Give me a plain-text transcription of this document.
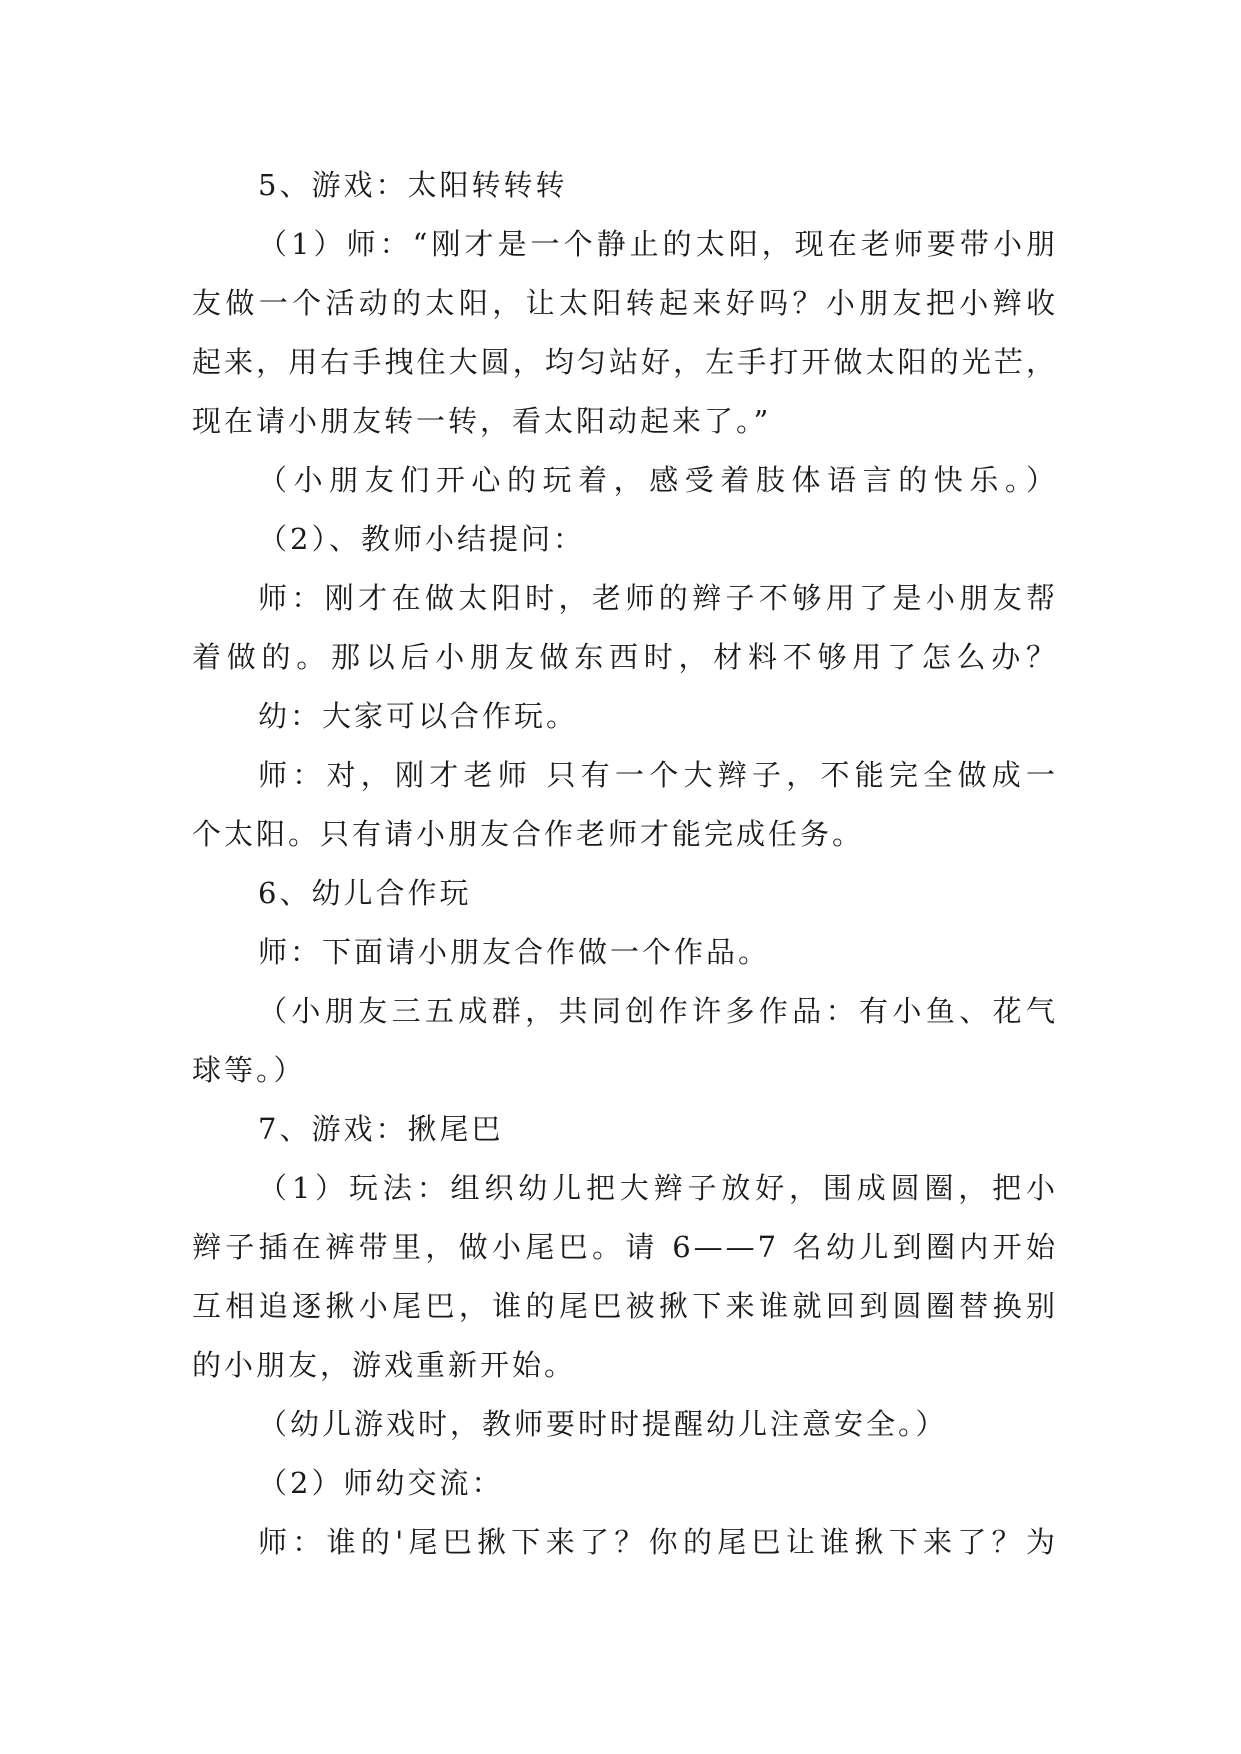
5、游戏：太阳转转转
（1）师：“刚才是一个静止的太阳，现在老师要带小朋
友做一个活动的太阳，让太阳转起来好吗？小朋友把小辫收
起来，用右手拽住大圆，均匀站好，左手打开做太阳的光芒，
现在请小朋友转一转，看太阳动起来了。”
（小朋友们开心的玩着，感受着肢体语言的快乐。）
（2）、教师小结提问：
师：刚才在做太阳时，老师的辫子不够用了是小朋友帮
着做的。那以后小朋友做东西时，材料不够用了怎么办？
幼：大家可以合作玩。
师：对，刚才老师 只有一个大辫子，不能完全做成一
个太阳。只有请小朋友合作老师才能完成任务。
6、幼儿合作玩
师：下面请小朋友合作做一个作品。
（小朋友三五成群，共同创作许多作品：有小鱼、花气
球等。）
7、游戏：揪尾巴
（1）玩法：组织幼儿把大辫子放好，围成圆圈，把小
辫子插在裤带里，做小尾巴。请 6——7 名幼儿到圈内开始
互相追逐揪小尾巴，谁的尾巴被揪下来谁就回到圆圈替换别
的小朋友，游戏重新开始。
（幼儿游戏时，教师要时时提醒幼儿注意安全。）
（2）师幼交流：
师：谁的'尾巴揪下来了？你的尾巴让谁揪下来了？为
